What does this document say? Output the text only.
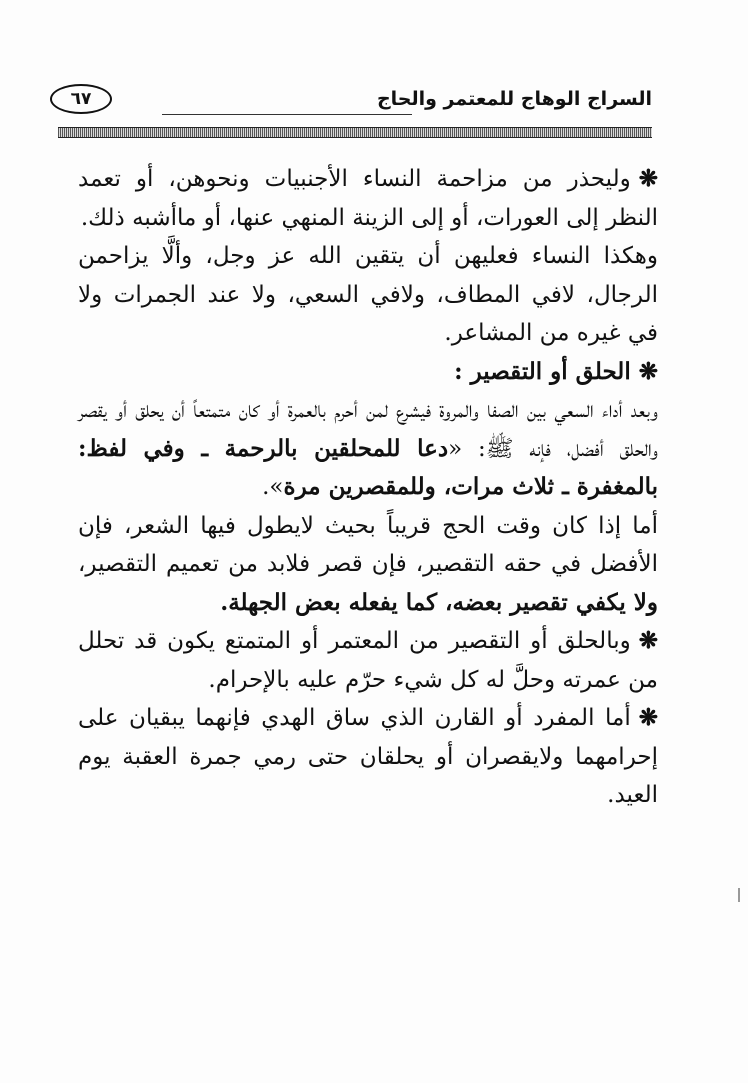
السراج الوهاج للمعتمر والحاج
٦٧

❋وليحذر من مزاحمة النساء الأجنبيات ونحوهن، أو تعمد النظر إلى العورات، أو إلى الزينة المنهي عنها، أو ماأشبه ذلك.

وهكذا النساء فعليهن أن يتقين الله عز وجل، وألَّا يزاحمن الرجال، لافي المطاف، ولافي السعي، ولا عند الجمرات ولا في غيره من المشاعر.

❋الحلق أو التقصير :

وبعد أداء السعي بين الصفا والمروة فيشرع لمن أحرم بالعمرة أو كان متمتعاً أن يحلق أو يقصر والحلق أفضل، فإنه ﷺ: «دعا للمحلقين بالرحمة ـ وفي لفظ: بالمغفرة ـ ثلاث مرات، وللمقصرين مرة».

أما إذا كان وقت الحج قريباً بحيث لايطول فيها الشعر، فإن الأفضل في حقه التقصير، فإن قصر فلابد من تعميم التقصير، ولا يكفي تقصير بعضه، كما يفعله بعض الجهلة.

❋وبالحلق أو التقصير من المعتمر أو المتمتع يكون قد تحلل من عمرته وحلَّ له كل شيء حرّم عليه بالإحرام.

❋أما المفرد أو القارن الذي ساق الهدي فإنهما يبقيان على إحرامهما ولايقصران أو يحلقان حتى رمي جمرة العقبة يوم العيد.
